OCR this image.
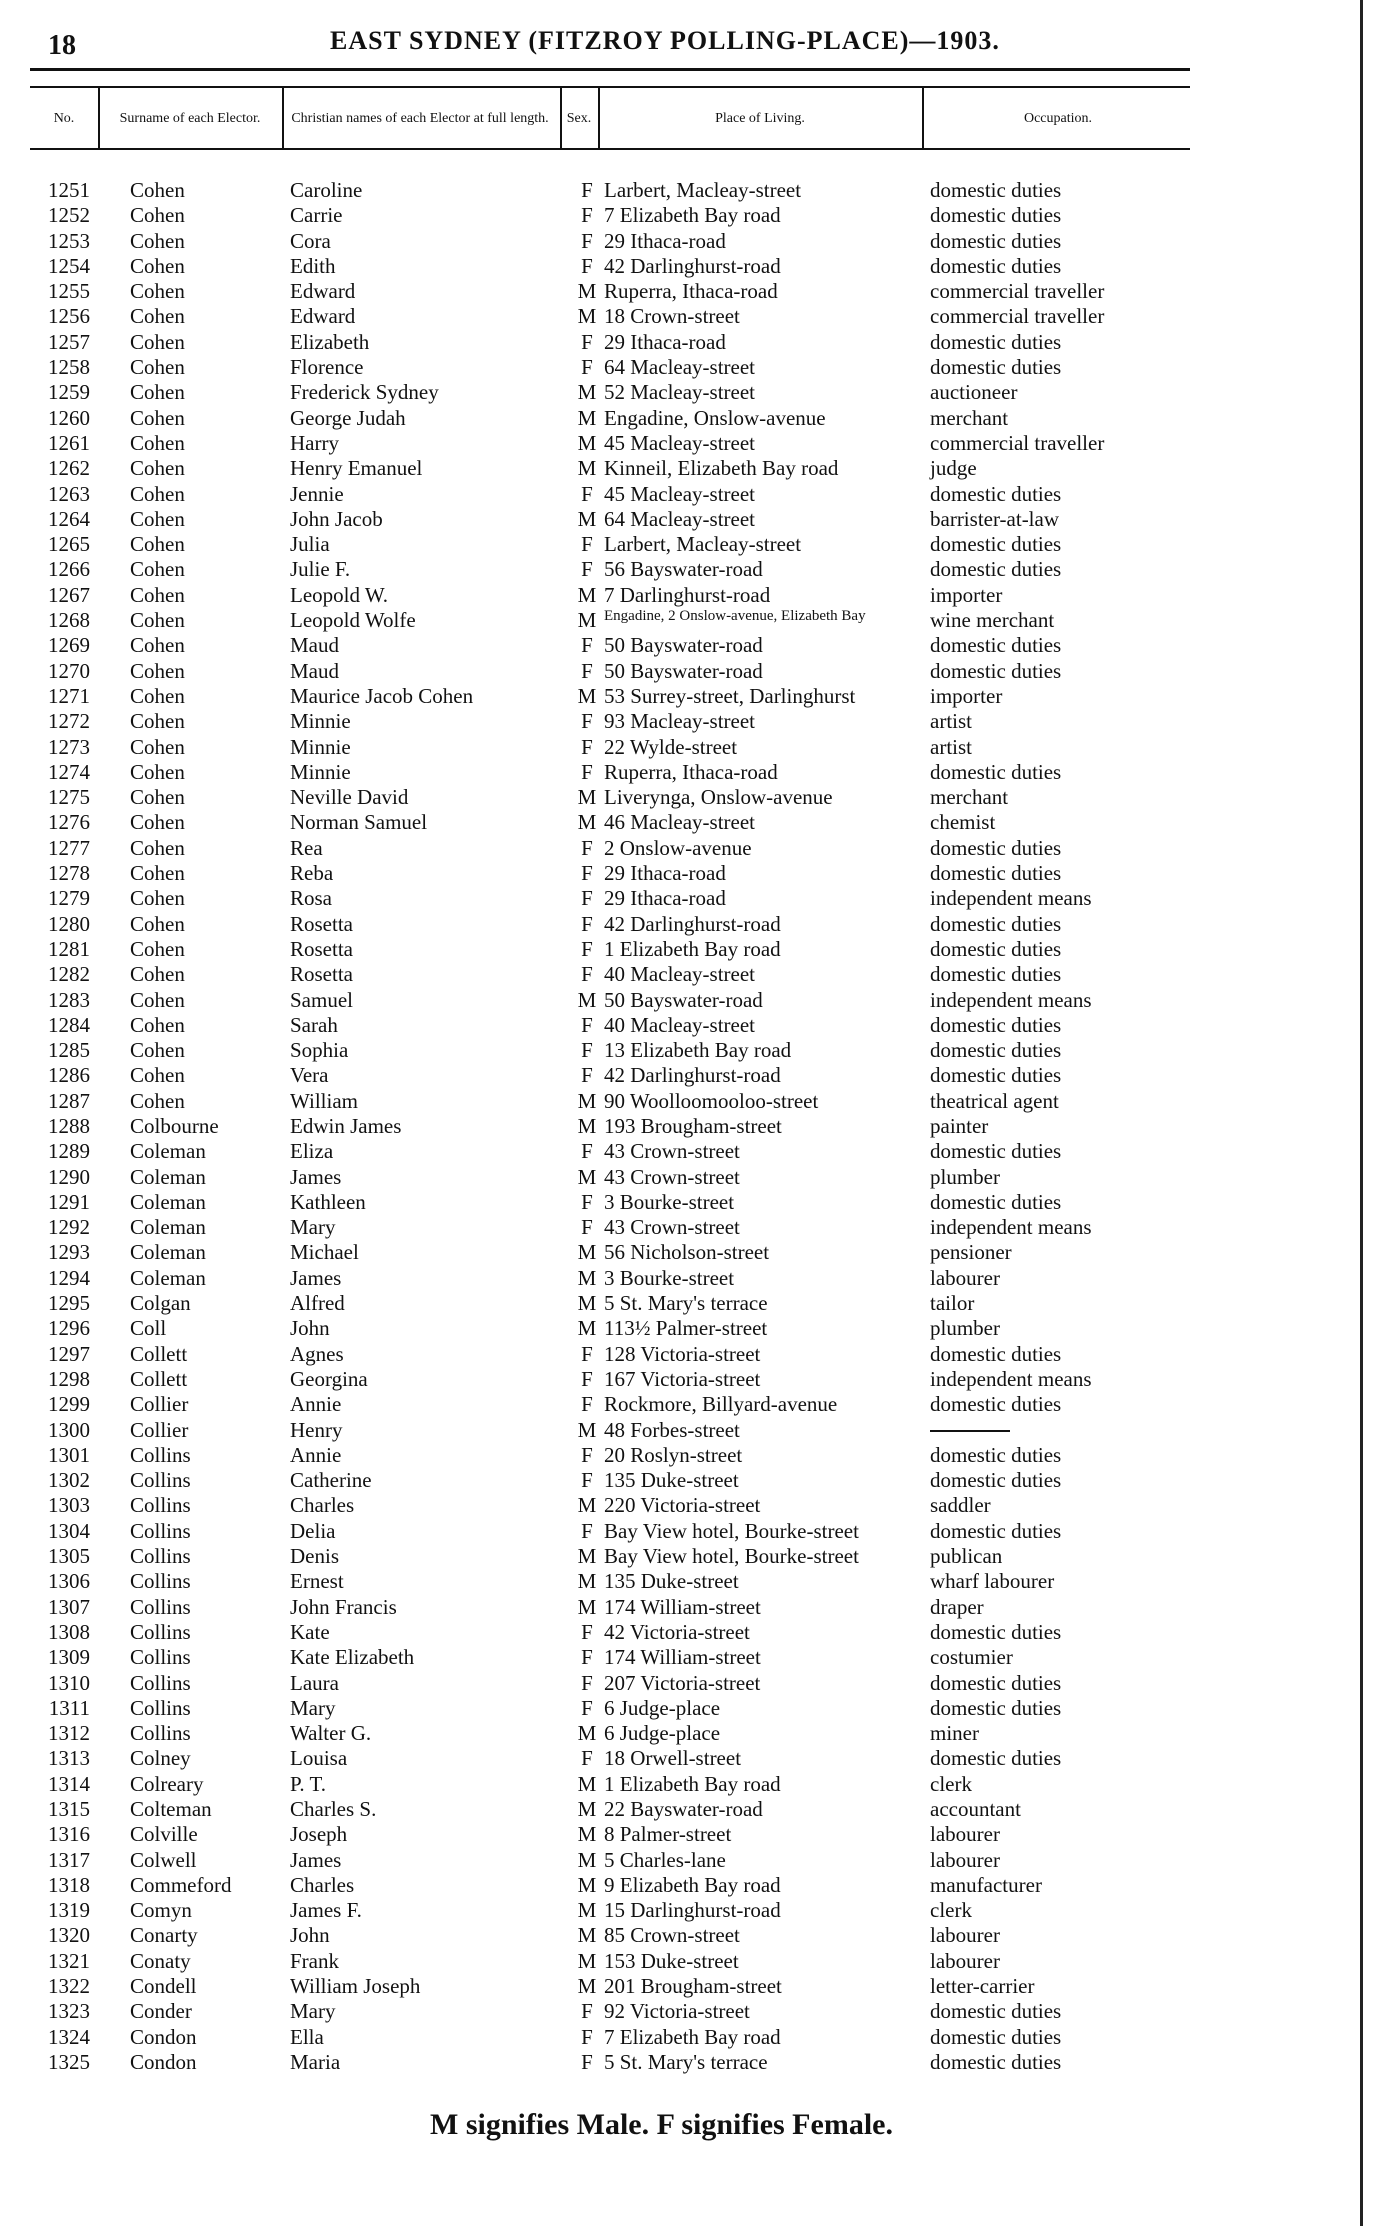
18	EAST SYDNEY (FITZROY POLLING-PLACE)—1903.
No.	Surname of each Elector.	Christian names of each Elector at full length.	Sex.	Place of Living.	Occupation.
1251 Cohen	Caroline	F Larbert, Macleay-street	domestic duties
1252 Cohen	Carrie	F 7 Elizabeth Bay road	domestic duties
1253 Cohen	Cora	F 29 Ithaca-road	domestic duties
1254 Cohen	Edith	F 42 Darlinghurst-road	domestic duties
1255 Cohen	Edward	M Ruperra, Ithaca-road	commercial traveller
1256 Cohen	Edward	M 18 Crown-street	commercial traveller
1257 Cohen	Elizabeth	F 29 Ithaca-road	domestic duties
1258 Cohen	Florence	F 64 Macleay-street	domestic duties
1259 Cohen	Frederick Sydney	M 52 Macleay-street	auctioneer
1260 Cohen	George Judah	M Engadine, Onslow-avenue	merchant
1261 Cohen	Harry	M 45 Macleay-street	commercial traveller
1262 Cohen	Henry Emanuel	M Kinneil, Elizabeth Bay road	judge
1263 Cohen	Jennie	F 45 Macleay-street	domestic duties
1264 Cohen	John Jacob	M 64 Macleay-street	barrister-at-law
1265 Cohen	Julia	F Larbert, Macleay-street	domestic duties
1266 Cohen	Julie F.	F 56 Bayswater-road	domestic duties
1267 Cohen	Leopold W.	M 7 Darlinghurst-road	importer
1268 Cohen	Leopold Wolfe	M Engadine, 2 Onslow-avenue, Elizabeth Bay	wine merchant
1269 Cohen	Maud	F 50 Bayswater-road	domestic duties
1270 Cohen	Maud	F 50 Bayswater-road	domestic duties
1271 Cohen	Maurice Jacob Cohen	M 53 Surrey-street, Darlinghurst	importer
1272 Cohen	Minnie	F 93 Macleay-street	artist
1273 Cohen	Minnie	F 22 Wylde-street	artist
1274 Cohen	Minnie	F Ruperra, Ithaca-road	domestic duties
1275 Cohen	Neville David	M Liverynga, Onslow-avenue	merchant
1276 Cohen	Norman Samuel	M 46 Macleay-street	chemist
1277 Cohen	Rea	F 2 Onslow-avenue	domestic duties
1278 Cohen	Reba	F 29 Ithaca-road	domestic duties
1279 Cohen	Rosa	F 29 Ithaca-road	independent means
1280 Cohen	Rosetta	F 42 Darlinghurst-road	domestic duties
1281 Cohen	Rosetta	F 1 Elizabeth Bay road	domestic duties
1282 Cohen	Rosetta	F 40 Macleay-street	domestic duties
1283 Cohen	Samuel	M 50 Bayswater-road	independent means
1284 Cohen	Sarah	F 40 Macleay-street	domestic duties
1285 Cohen	Sophia	F 13 Elizabeth Bay road	domestic duties
1286 Cohen	Vera	F 42 Darlinghurst-road	domestic duties
1287 Cohen	William	M 90 Woolloomooloo-street	theatrical agent
1288 Colbourne	Edwin James	M 193 Brougham-street	painter
1289 Coleman	Eliza	F 43 Crown-street	domestic duties
1290 Coleman	James	M 43 Crown-street	plumber
1291 Coleman	Kathleen	F 3 Bourke-street	domestic duties
1292 Coleman	Mary	F 43 Crown-street	independent means
1293 Coleman	Michael	M 56 Nicholson-street	pensioner
1294 Coleman	James	M 3 Bourke-street	labourer
1295 Colgan	Alfred	M 5 St. Mary's terrace	tailor
1296 Coll	John	M 113½ Palmer-street	plumber
1297 Collett	Agnes	F 128 Victoria-street	domestic duties
1298 Collett	Georgina	F 167 Victoria-street	independent means
1299 Collier	Annie	F Rockmore, Billyard-avenue	domestic duties
1300 Collier	Henry	M 48 Forbes-street
1301 Collins	Annie	F 20 Roslyn-street	domestic duties
1302 Collins	Catherine	F 135 Duke-street	domestic duties
1303 Collins	Charles	M 220 Victoria-street	saddler
1304 Collins	Delia	F Bay View hotel, Bourke-street	domestic duties
1305 Collins	Denis	M Bay View hotel, Bourke-street	publican
1306 Collins	Ernest	M 135 Duke-street	wharf labourer
1307 Collins	John Francis	M 174 William-street	draper
1308 Collins	Kate	F 42 Victoria-street	domestic duties
1309 Collins	Kate Elizabeth	F 174 William-street	costumier
1310 Collins	Laura	F 207 Victoria-street	domestic duties
1311 Collins	Mary	F 6 Judge-place	domestic duties
1312 Collins	Walter G.	M 6 Judge-place	miner
1313 Colney	Louisa	F 18 Orwell-street	domestic duties
1314 Colreary	P. T.	M 1 Elizabeth Bay road	clerk
1315 Colteman	Charles S.	M 22 Bayswater-road	accountant
1316 Colville	Joseph	M 8 Palmer-street	labourer
1317 Colwell	James	M 5 Charles-lane	labourer
1318 Commeford	Charles	M 9 Elizabeth Bay road	manufacturer
1319 Comyn	James F.	M 15 Darlinghurst-road	clerk
1320 Conarty	John	M 85 Crown-street	labourer
1321 Conaty	Frank	M 153 Duke-street	labourer
1322 Condell	William Joseph	M 201 Brougham-street	letter-carrier
1323 Conder	Mary	F 92 Victoria-street	domestic duties
1324 Condon	Ella	F 7 Elizabeth Bay road	domestic duties
1325 Condon	Maria	F 5 St. Mary's terrace	domestic duties
M signifies Male. F signifies Female.
